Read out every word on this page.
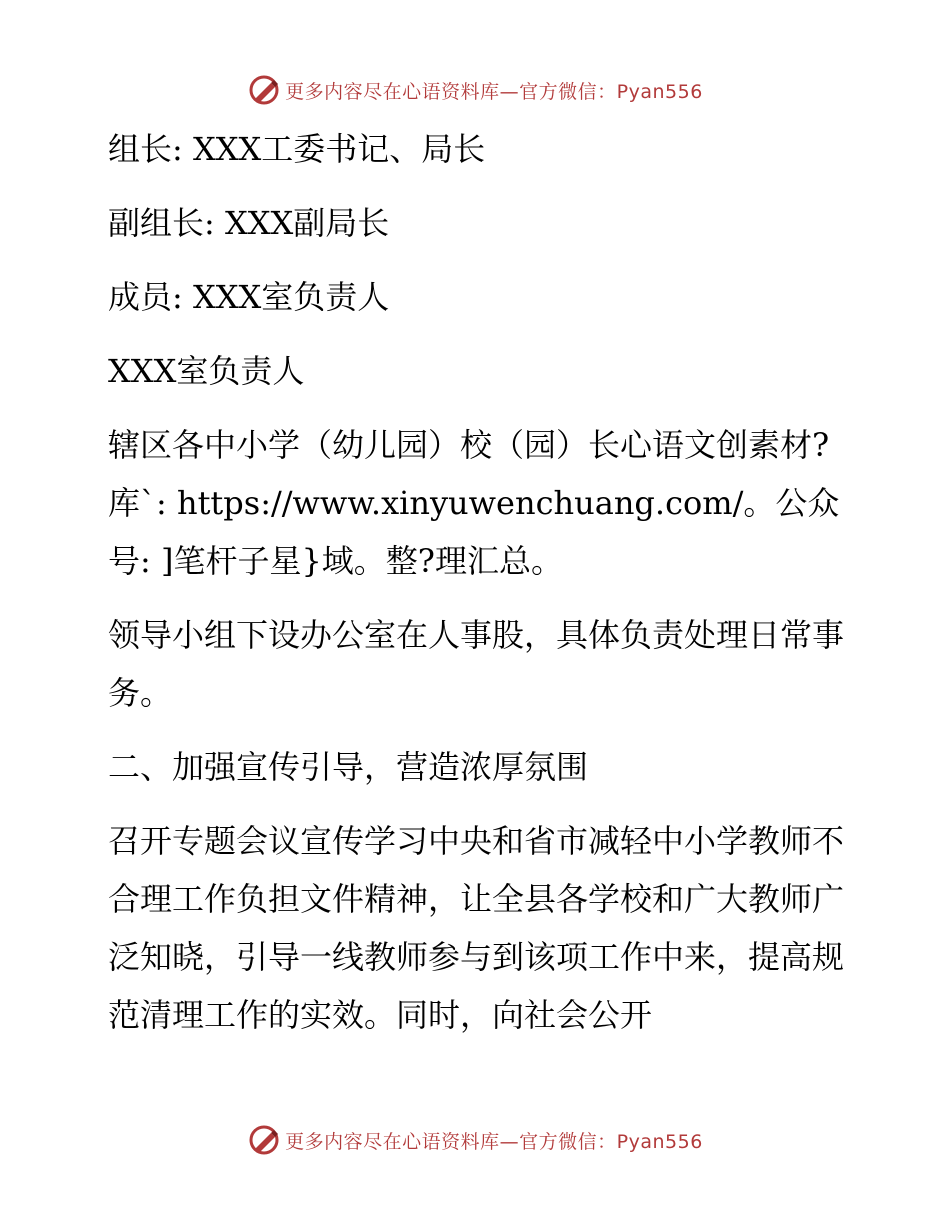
更多内容尽在心语资料库—官方微信：Pyan556

组长: XXX工委书记、局长

副组长: XXX副局长

成员: XXX室负责人

XXX室负责人

辖区各中小学（幼儿园）校（园）长心语文创素材?库`: https://www.xinyuwenchuang.com/。公众号: ]笔杆子星}域。整?理汇总。

领导小组下设办公室在人事股，具体负责处理日常事务。

二、加强宣传引导，营造浓厚氛围

召开专题会议宣传学习中央和省市减轻中小学教师不合理工作负担文件精神，让全县各学校和广大教师广泛知晓，引导一线教师参与到该项工作中来，提高规范清理工作的实效。同时，向社会公开

更多内容尽在心语资料库—官方微信：Pyan556
